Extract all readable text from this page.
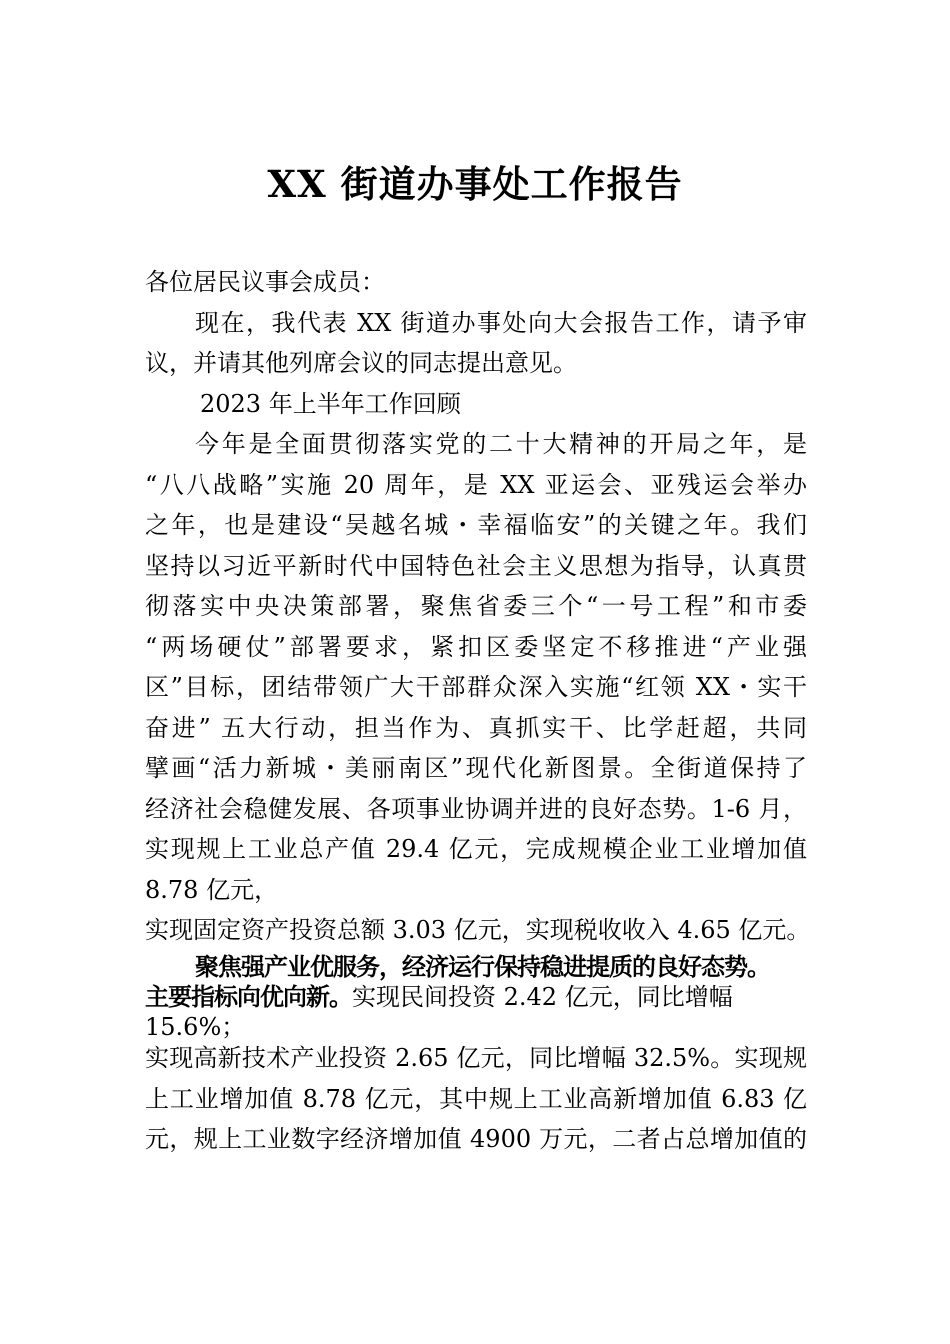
XX 街道办事处工作报告
各位居民议事会成员：
现在，我代表 XX 街道办事处向大会报告工作，请予审
议，并请其他列席会议的同志提出意见。
2023 年上半年工作回顾
今年是全面贯彻落实党的二十大精神的开局之年，是
“八八战略”实施 20 周年，是 XX 亚运会、亚残运会举办
之年，也是建设“吴越名城・幸福临安”的关键之年。我们
坚持以习近平新时代中国特色社会主义思想为指导，认真贯
彻落实中央决策部署，聚焦省委三个“一号工程”和市委
“两场硬仗”部署要求，紧扣区委坚定不移推进“产业强
区”目标，团结带领广大干部群众深入实施“红领 XX・实干
奋进” 五大行动，担当作为、真抓实干、比学赶超，共同
擘画“活力新城・美丽南区”现代化新图景。全街道保持了
经济社会稳健发展、各项事业协调并进的良好态势。1-6 月，
实现规上工业总产值 29.4 亿元，完成规模企业工业增加值
8.78 亿元，
实现固定资产投资总额 3.03 亿元，实现税收收入 4.65 亿元。
聚焦强产业优服务，经济运行保持稳进提质的良好态势。
主要指标向优向新。实现民间投资 2.42 亿元，同比增幅
15.6%；
实现高新技术产业投资 2.65 亿元，同比增幅 32.5%。实现规
上工业增加值 8.78 亿元，其中规上工业高新增加值 6.83 亿
元，规上工业数字经济增加值 4900 万元，二者占总增加值的
